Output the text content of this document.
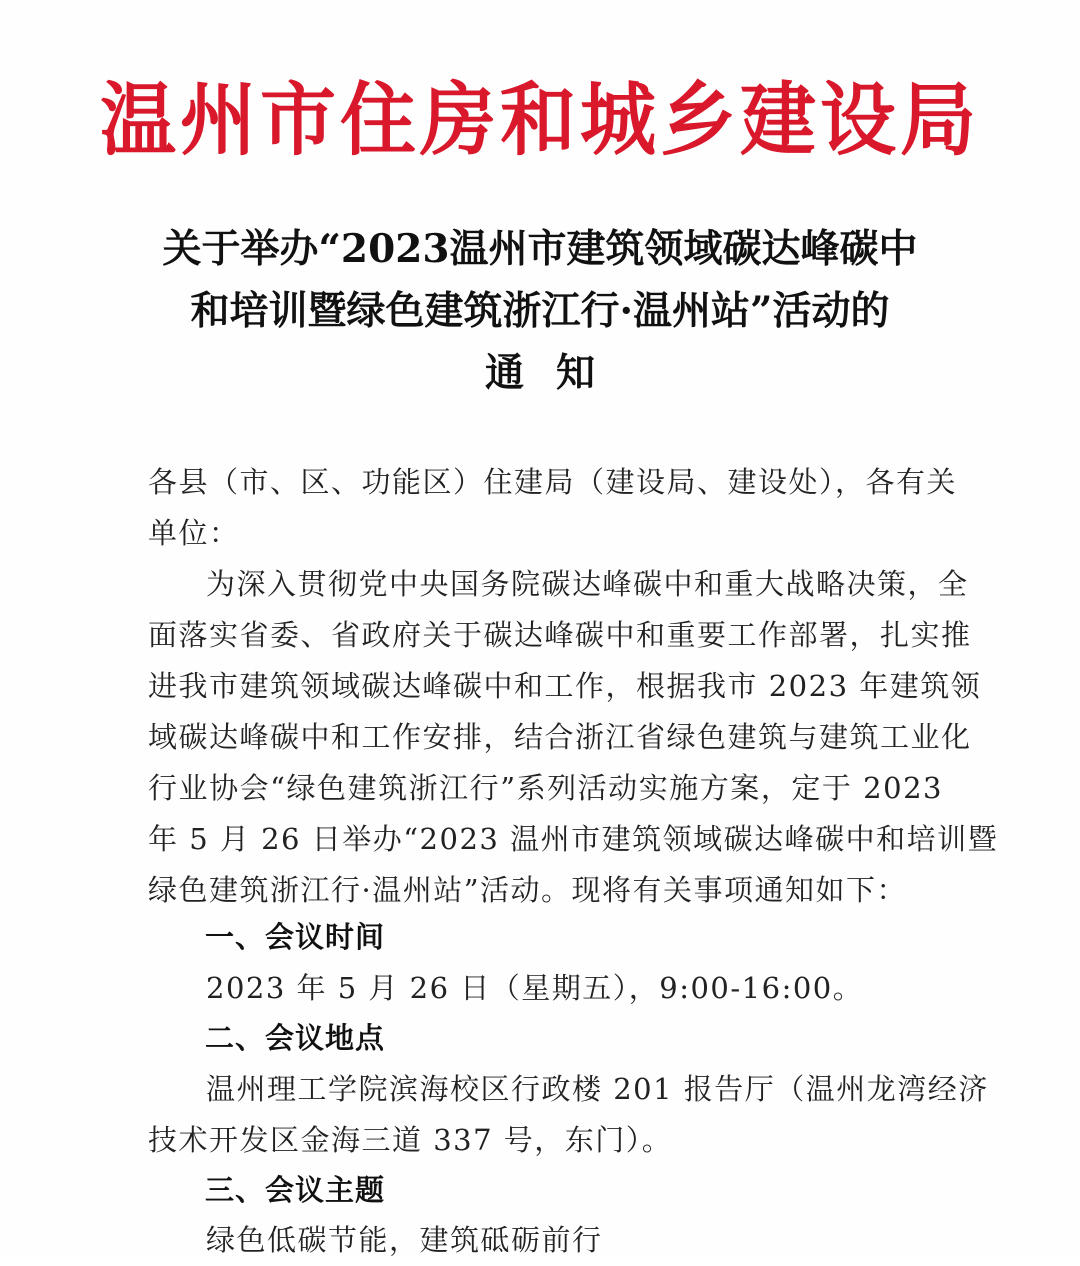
温州市住房和城乡建设局
关于举办“2023温州市建筑领域碳达峰碳中
和培训暨绿色建筑浙江行·温州站”活动的
通知
各县（市、区、功能区）住建局（建设局、建设处），各有关
单位：
为深入贯彻党中央国务院碳达峰碳中和重大战略决策，全
面落实省委、省政府关于碳达峰碳中和重要工作部署，扎实推
进我市建筑领域碳达峰碳中和工作，根据我市 2023 年建筑领
域碳达峰碳中和工作安排，结合浙江省绿色建筑与建筑工业化
行业协会“绿色建筑浙江行”系列活动实施方案，定于 2023
年 5 月 26 日举办“2023 温州市建筑领域碳达峰碳中和培训暨
绿色建筑浙江行·温州站”活动。现将有关事项通知如下：
一、会议时间
2023 年 5 月 26 日（星期五），9:00-16:00。
二、会议地点
温州理工学院滨海校区行政楼 201 报告厅（温州龙湾经济
技术开发区金海三道 337 号，东门）。
三、会议主题
绿色低碳节能，建筑砥砺前行
